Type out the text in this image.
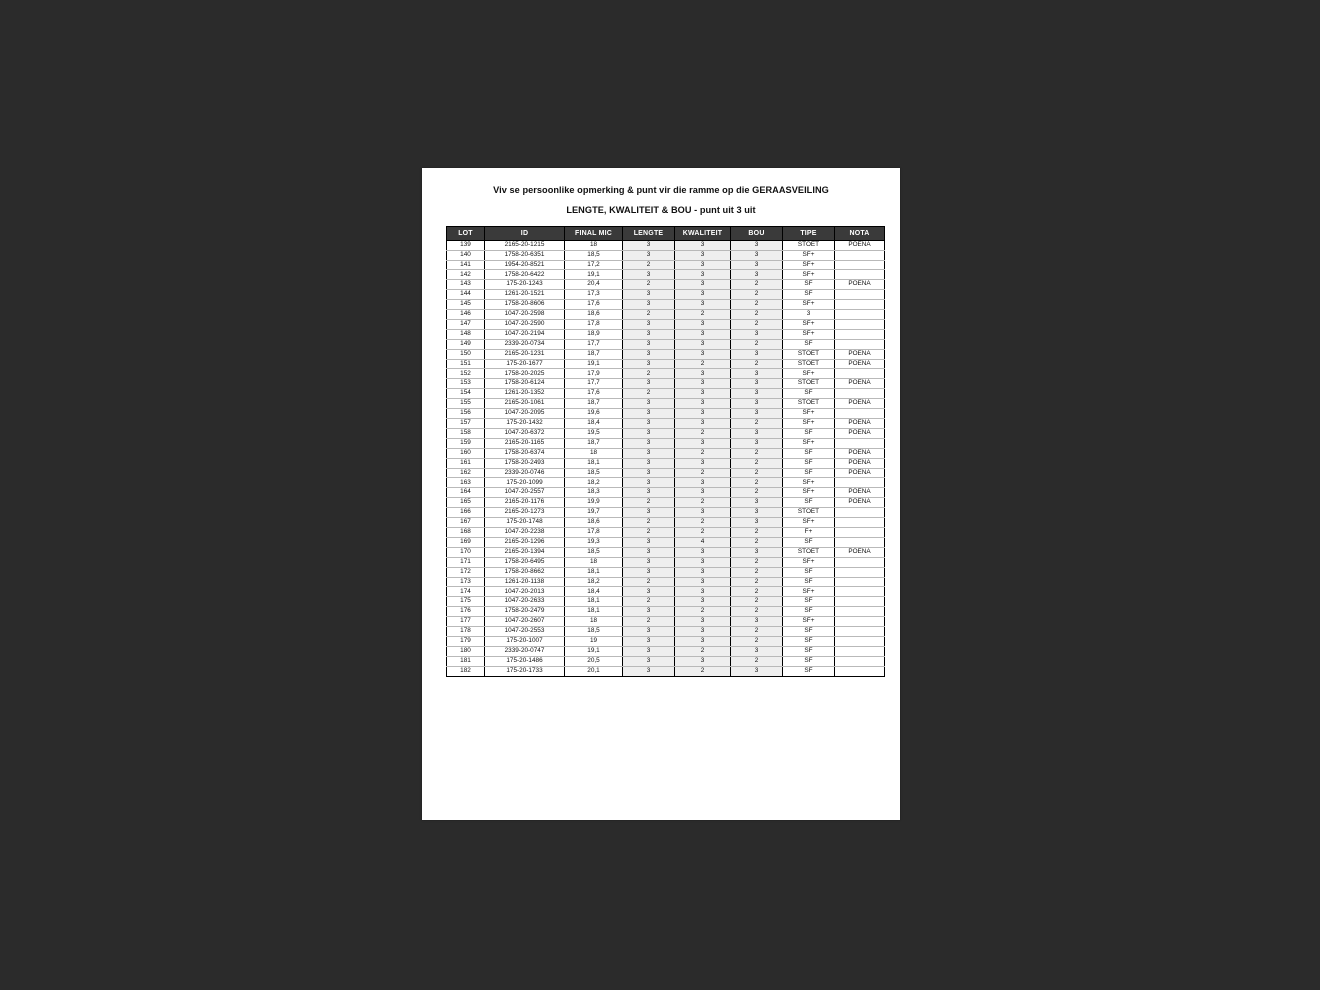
Viv se persoonlike opmerking & punt vir die ramme op die GERAASVEILING
LENGTE, KWALITEIT & BOU - punt uit 3 uit
LOT	ID	FINAL MIC	LENGTE	KWALITEIT	BOU	TIPE	NOTA
139	2165-20-1215	18	3	3	3	STOET	POENA
140	1758-20-6351	18,5	3	3	3	SF+	
141	1954-20-8521	17,2	2	3	3	SF+	
142	1758-20-6422	19,1	3	3	3	SF+	
143	175-20-1243	20,4	2	3	2	SF	POENA
144	1261-20-1521	17,3	3	3	2	SF	
145	1758-20-8606	17,6	3	3	2	SF+	
146	1047-20-2598	18,6	2	2	2	3	
147	1047-20-2590	17,8	3	3	2	SF+	
148	1047-20-2194	18,9	3	3	3	SF+	
149	2339-20-0734	17,7	3	3	2	SF	
150	2165-20-1231	18,7	3	3	3	STOET	POENA
151	175-20-1677	19,1	3	2	2	STOET	POENA
152	1758-20-2025	17,9	2	3	3	SF+	
153	1758-20-6124	17,7	3	3	3	STOET	POENA
154	1261-20-1352	17,6	2	3	3	SF	
155	2165-20-1061	18,7	3	3	3	STOET	POENA
156	1047-20-2095	19,6	3	3	3	SF+	
157	175-20-1432	18,4	3	3	2	SF+	POENA
158	1047-20-6372	19,5	3	2	3	SF	POENA
159	2165-20-1165	18,7	3	3	3	SF+	
160	1758-20-6374	18	3	2	2	SF	POENA
161	1758-20-2493	18,1	3	3	2	SF	POENA
162	2339-20-0746	18,5	3	2	2	SF	POENA
163	175-20-1099	18,2	3	3	2	SF+	
164	1047-20-2557	18,3	3	3	2	SF+	POENA
165	2165-20-1176	19,9	2	2	3	SF	POENA
166	2165-20-1273	19,7	3	3	3	STOET	
167	175-20-1748	18,6	2	2	3	SF+	
168	1047-20-2238	17,8	2	2	2	F+	
169	2165-20-1296	19,3	3	4	2	SF	
170	2165-20-1394	18,5	3	3	3	STOET	POENA
171	1758-20-6495	18	3	3	2	SF+	
172	1758-20-8662	18,1	3	3	2	SF	
173	1261-20-1138	18,2	2	3	2	SF	
174	1047-20-2013	18,4	3	3	2	SF+	
175	1047-20-2633	18,1	2	3	2	SF	
176	1758-20-2479	18,1	3	2	2	SF	
177	1047-20-2607	18	2	3	3	SF+	
178	1047-20-2553	18,5	3	3	2	SF	
179	175-20-1007	19	3	3	2	SF	
180	2339-20-0747	19,1	3	2	3	SF	
181	175-20-1486	20,5	3	3	2	SF	
182	175-20-1733	20,1	3	2	3	SF	
